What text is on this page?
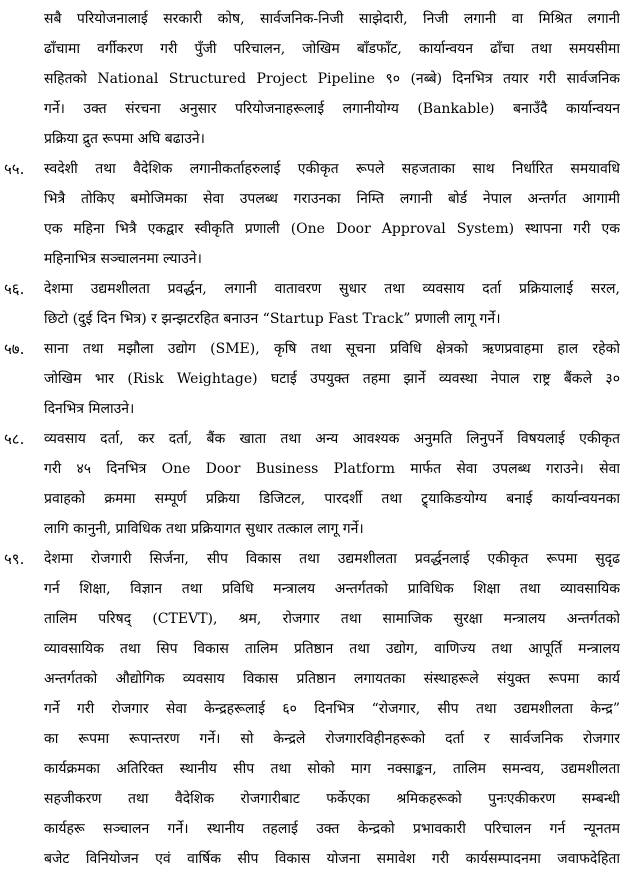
सबै परियोजनालाई सरकारी कोष, सार्वजनिक-निजी साझेदारी, निजी लगानी वा मिश्रित लगानी
ढाँचामा वर्गीकरण गरी पुँजी परिचालन, जोखिम बाँडफाँट, कार्यान्वयन ढाँचा तथा समयसीमा
सहितको National Structured Project Pipeline ९० (नब्बे) दिनभित्र तयार गरी सार्वजनिक
गर्ने। उक्त संरचना अनुसार परियोजनाहरूलाई लगानीयोग्य (Bankable) बनाउँदै कार्यान्वयन
प्रक्रिया द्रुत रूपमा अघि बढाउने।
५५.	स्वदेशी तथा वैदेशिक लगानीकर्ताहरुलाई एकीकृत रूपले सहजताका साथ निर्धारित समयावधि
भित्रै तोकिए बमोजिमका सेवा उपलब्ध गराउनका निम्ति लगानी बोर्ड नेपाल अन्तर्गत आगामी
एक महिना भित्रै एकद्वार स्वीकृति प्रणाली (One Door Approval System) स्थापना गरी एक
महिनाभित्र सञ्चालनमा ल्याउने।
५६.	देशमा उद्यमशीलता प्रवर्द्धन, लगानी वातावरण सुधार तथा व्यवसाय दर्ता प्रक्रियालाई सरल,
छिटो (दुई दिन भित्र) र झन्झटरहित बनाउन “Startup Fast Track” प्रणाली लागू गर्ने।
५७.	साना तथा मझौला उद्योग (SME), कृषि तथा सूचना प्रविधि क्षेत्रको ऋणप्रवाहमा हाल रहेको
जोखिम भार (Risk Weightage) घटाई उपयुक्त तहमा झार्ने व्यवस्था नेपाल राष्ट्र बैंकले ३०
दिनभित्र मिलाउने।
५८.	व्यवसाय दर्ता, कर दर्ता, बैंक खाता तथा अन्य आवश्यक अनुमति लिनुपर्ने विषयलाई एकीकृत
गरी ४५ दिनभित्र One Door Business Platform मार्फत सेवा उपलब्ध गराउने। सेवा
प्रवाहको क्रममा सम्पूर्ण प्रक्रिया डिजिटल, पारदर्शी तथा ट्र्याकिङयोग्य बनाई कार्यान्वयनका
लागि कानुनी, प्राविधिक तथा प्रक्रियागत सुधार तत्काल लागू गर्ने।
५९.	देशमा रोजगारी सिर्जना, सीप विकास तथा उद्यमशीलता प्रवर्द्धनलाई एकीकृत रूपमा सुदृढ
गर्न शिक्षा, विज्ञान तथा प्रविधि मन्त्रालय अन्तर्गतको प्राविधिक शिक्षा तथा व्यावसायिक
तालिम परिषद् (CTEVT), श्रम, रोजगार तथा सामाजिक सुरक्षा मन्त्रालय अन्तर्गतको
व्यावसायिक तथा सिप विकास तालिम प्रतिष्ठान तथा उद्योग, वाणिज्य तथा आपूर्ति मन्त्रालय
अन्तर्गतको औद्योगिक व्यवसाय विकास प्रतिष्ठान लगायतका संस्थाहरूले संयुक्त रूपमा कार्य
गर्ने गरी रोजगार सेवा केन्द्रहरूलाई ६० दिनभित्र “रोजगार, सीप तथा उद्यमशीलता केन्द्र”
का रूपमा रूपान्तरण गर्ने। सो केन्द्रले रोजगारविहीनहरूको दर्ता र सार्वजनिक रोजगार
कार्यक्रमका अतिरिक्त स्थानीय सीप तथा सोको माग नक्साङ्कन, तालिम समन्वय, उद्यमशीलता
सहजीकरण तथा वैदेशिक रोजगारीबाट फर्केएका श्रमिकहरूको पुनःएकीकरण सम्बन्धी
कार्यहरू सञ्चालन गर्ने। स्थानीय तहलाई उक्त केन्द्रको प्रभावकारी परिचालन गर्न न्यूनतम
बजेट विनियोजन एवं वार्षिक सीप विकास योजना समावेश गरी कार्यसम्पादनमा जवाफदेहिता
